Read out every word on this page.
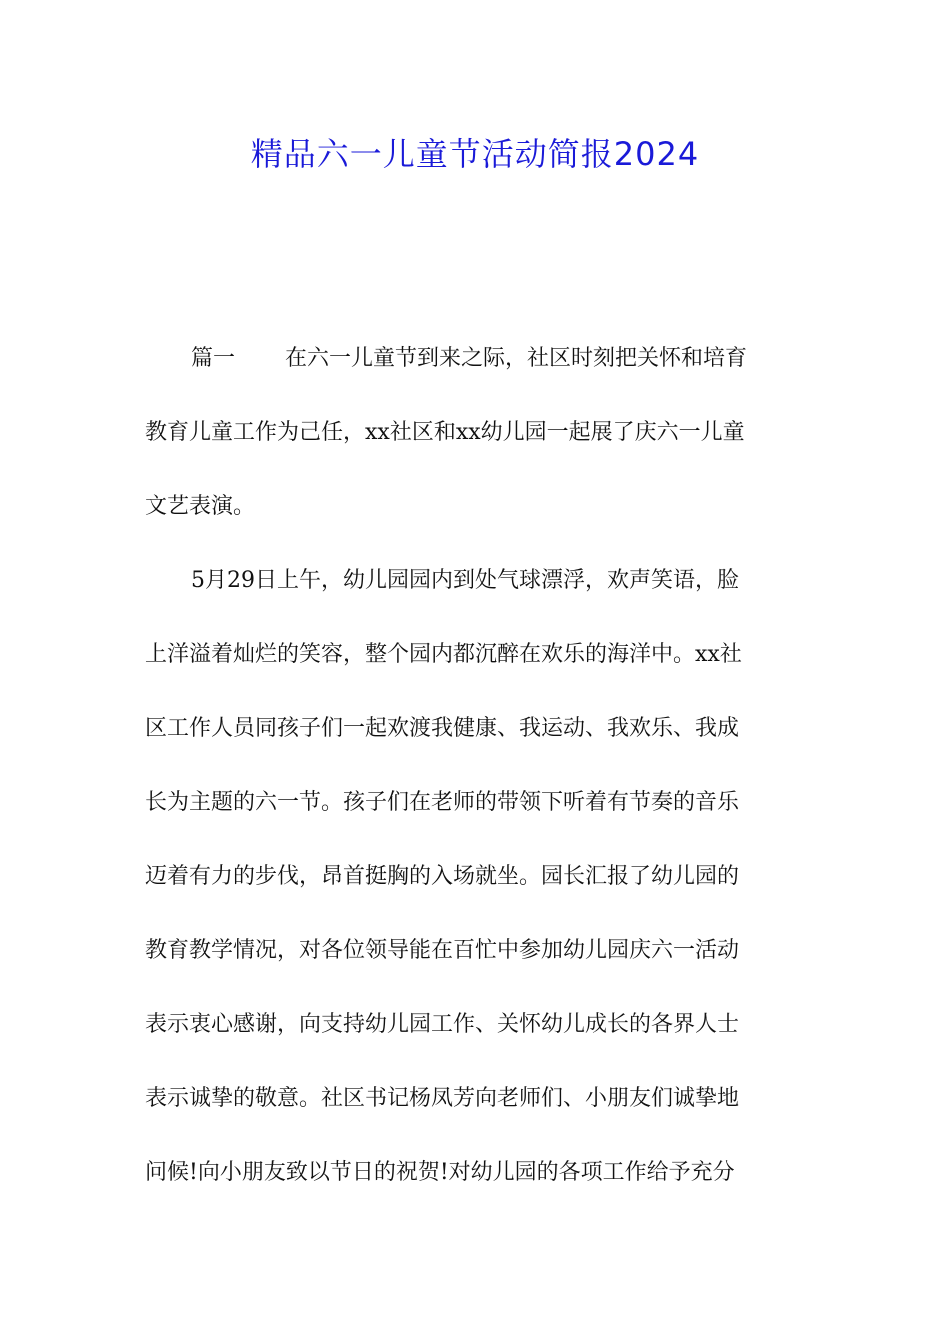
精品六一儿童节活动简报2024
篇一 在六一儿童节到来之际，社区时刻把关怀和培育
教育儿童工作为己任，xx社区和xx幼儿园一起展了庆六一儿童
文艺表演。
5月29日上午，幼儿园园内到处气球漂浮，欢声笑语，脸
上洋溢着灿烂的笑容，整个园内都沉醉在欢乐的海洋中。xx社
区工作人员同孩子们一起欢渡我健康、我运动、我欢乐、我成
长为主题的六一节。孩子们在老师的带领下听着有节奏的音乐
迈着有力的步伐，昂首挺胸的入场就坐。园长汇报了幼儿园的
教育教学情况，对各位领导能在百忙中参加幼儿园庆六一活动
表示衷心感谢，向支持幼儿园工作、关怀幼儿成长的各界人士
表示诚挚的敬意。社区书记杨凤芳向老师们、小朋友们诚挚地
问候!向小朋友致以节日的祝贺!对幼儿园的各项工作给予充分
